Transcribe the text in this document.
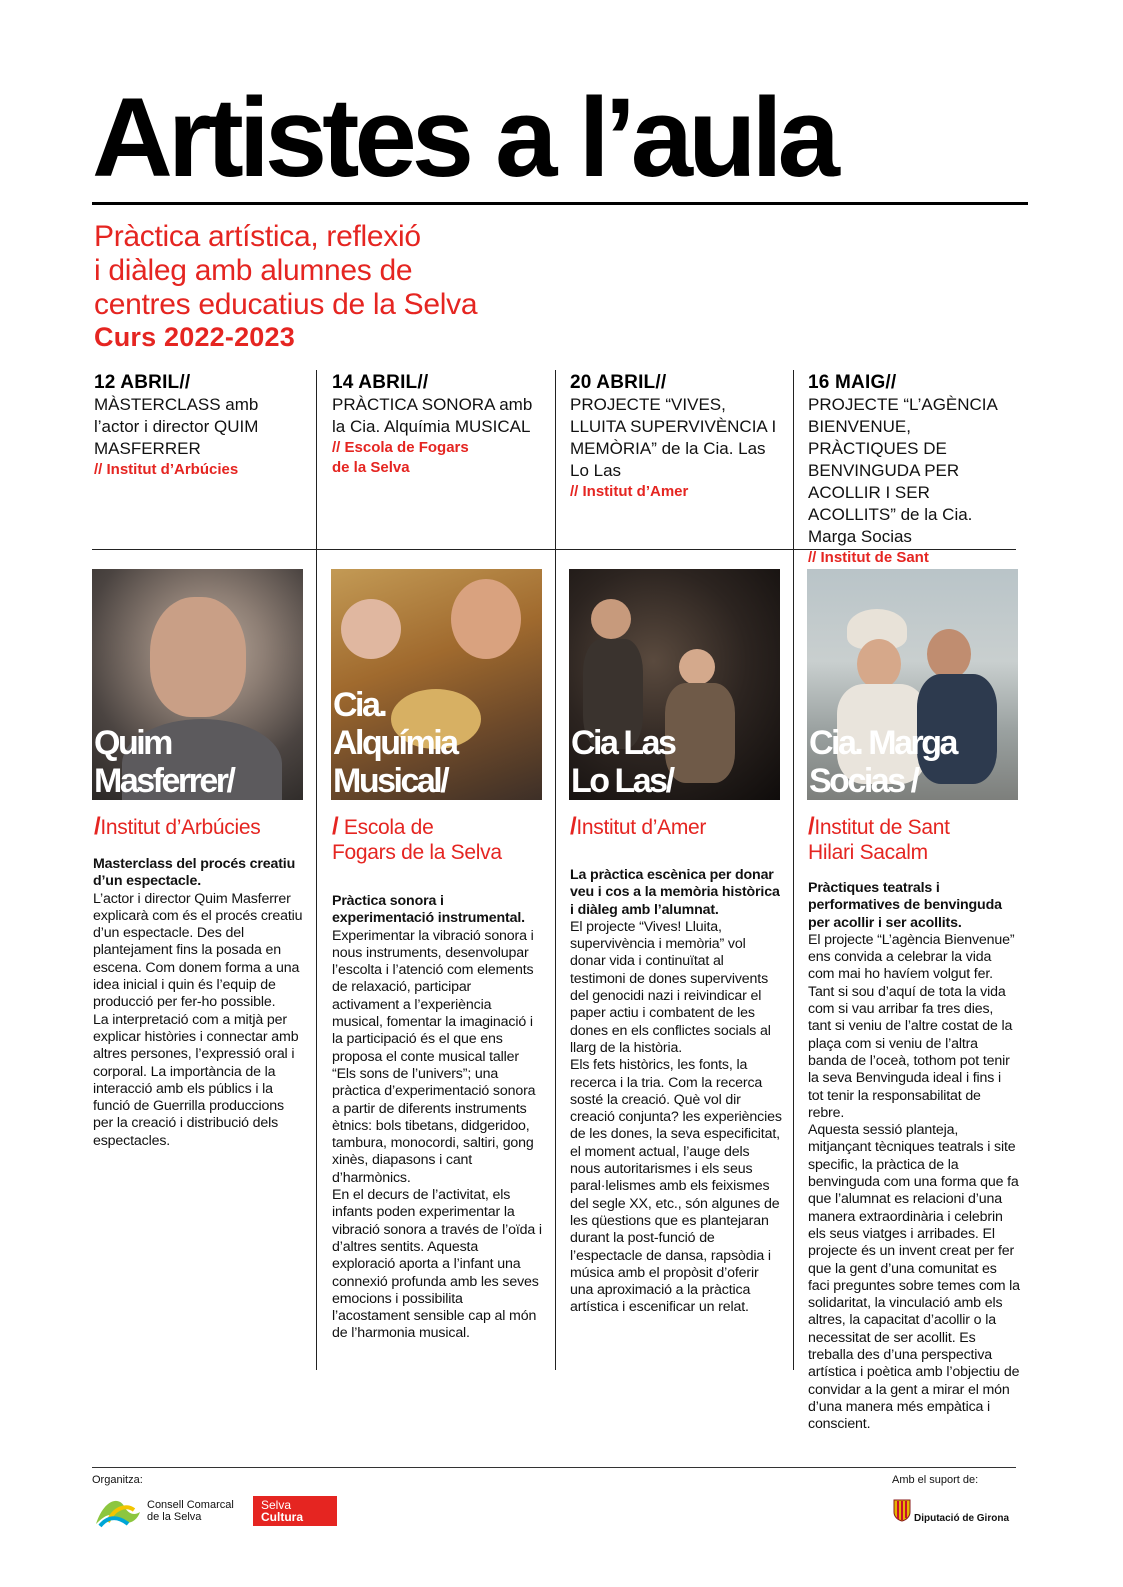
Artistes a l’aula
Pràctica artística, reflexió
i diàleg amb alumnes de
centres educatius de la Selva
Curs 2022-2023
12 ABRIL//
MÀSTERCLASS amb l’actor i director QUIM MASFERRER
// Institut d’Arbúcies
14 ABRIL//
PRÀCTICA SONORA amb la Cia. Alquímia MUSICAL
// Escola de Fogars
de la Selva
20 ABRIL//
PROJECTE “VIVES, LLUITA SUPERVIVÈNCIA I MEMÒRIA” de la Cia. Las Lo Las
// Institut d’Amer
16 MAIG//
PROJECTE “L’AGÈNCIA BIENVENUE, PRÀCTIQUES DE BENVINGUDA PER ACOLLIR I SER ACOLLITS” de la Cia. Marga Socias
// Institut de Sant

Quim
Masferrer/
Cia.
Alquímia
Musical/
Cia Las
Lo Las/
Cia. Marga
Socias /
/Institut d’Arbúcies	/ Escola de
Fogars de la Selva
/Institut d’Amer	/Institut de Sant
Hilari Sacalm
Masterclass del procés creatiu d’un espectacle.

L’actor i director Quim Masferrer explicarà com és el procés creatiu d’un espectacle. Des del plantejament fins la posada en escena. Com donem forma a una idea inicial i quin és l’equip de producció per fer-ho possible.

La interpretació com a mitjà per explicar històries i connectar amb altres persones, l’expressió oral i corporal. La importància de la interacció amb els públics i la funció de Guerrilla produccions per la creació i distribució dels espectacles.

Pràctica sonora i experimentació instrumental.

Experimentar la vibració sonora i nous instruments, desenvolupar l’escolta i l’atenció com elements de relaxació, participar activament a l’experiència musical, fomentar la imaginació i la participació és el que ens proposa el conte musical taller “Els sons de l’univers”; una pràctica d’experimentació sonora a partir de diferents instruments ètnics: bols tibetans, didgeridoo, tambura, monocordi, saltiri, gong xinès, diapasons i cant d’harmònics.

En el decurs de l’activitat, els infants poden experimentar la vibració sonora a través de l’oïda i d’altres sentits. Aquesta exploració aporta a l’infant una connexió profunda amb les seves emocions i possibilita l’acostament sensible cap al món de l’harmonia musical.

La pràctica escènica per donar veu i cos a la memòria històrica i diàleg amb l’alumnat.

El projecte “Vives! Lluita, supervivència i memòria” vol donar vida i continuïtat al testimoni de dones supervivents del genocidi nazi i reivindicar el paper actiu i combatent de les dones en els conflictes socials al llarg de la història.

Els fets històrics, les fonts, la recerca i la tria. Com la recerca sosté la creació. Què vol dir creació conjunta? les experiències de les dones, la seva especificitat, el moment actual, l’auge dels nous autoritarismes i els seus paral·lelismes amb els feixismes del segle XX, etc., són algunes de les qüestions que es plantejaran durant la post-funció de l’espectacle de dansa, rapsòdia i música amb el propòsit d’oferir una aproximació a la pràctica artística i escenificar un relat.

Pràctiques teatrals i performatives de benvinguda per acollir i ser acollits.

El projecte “L’agència Bienvenue” ens convida a celebrar la vida com mai ho havíem volgut fer. Tant si sou d’aquí de tota la vida com si vau arribar fa tres dies, tant si veniu de l’altre costat de la plaça com si veniu de l’altra banda de l’oceà, tothom pot tenir la seva Benvinguda ideal i fins i tot tenir la responsabilitat de rebre.

Aquesta sessió planteja, mitjançant tècniques teatrals i site specific, la pràctica de la benvinguda com una forma que fa que l’alumnat es relacioni d’una manera extraordinària i celebrin els seus viatges i arribades. El projecte és un invent creat per fer que la gent d’una comunitat es faci preguntes sobre temes com la solidaritat, la vinculació amb els altres, la capacitat d’acollir o la necessitat de ser acollit. Es treballa des d’una perspectiva artística i poètica amb l’objectiu de convidar a la gent a mirar el món d’una manera més empàtica i conscient.

Organitza:
Consell Comarcal
de la Selva
Selva
Cultura
Amb el suport de:
Diputació de Girona
